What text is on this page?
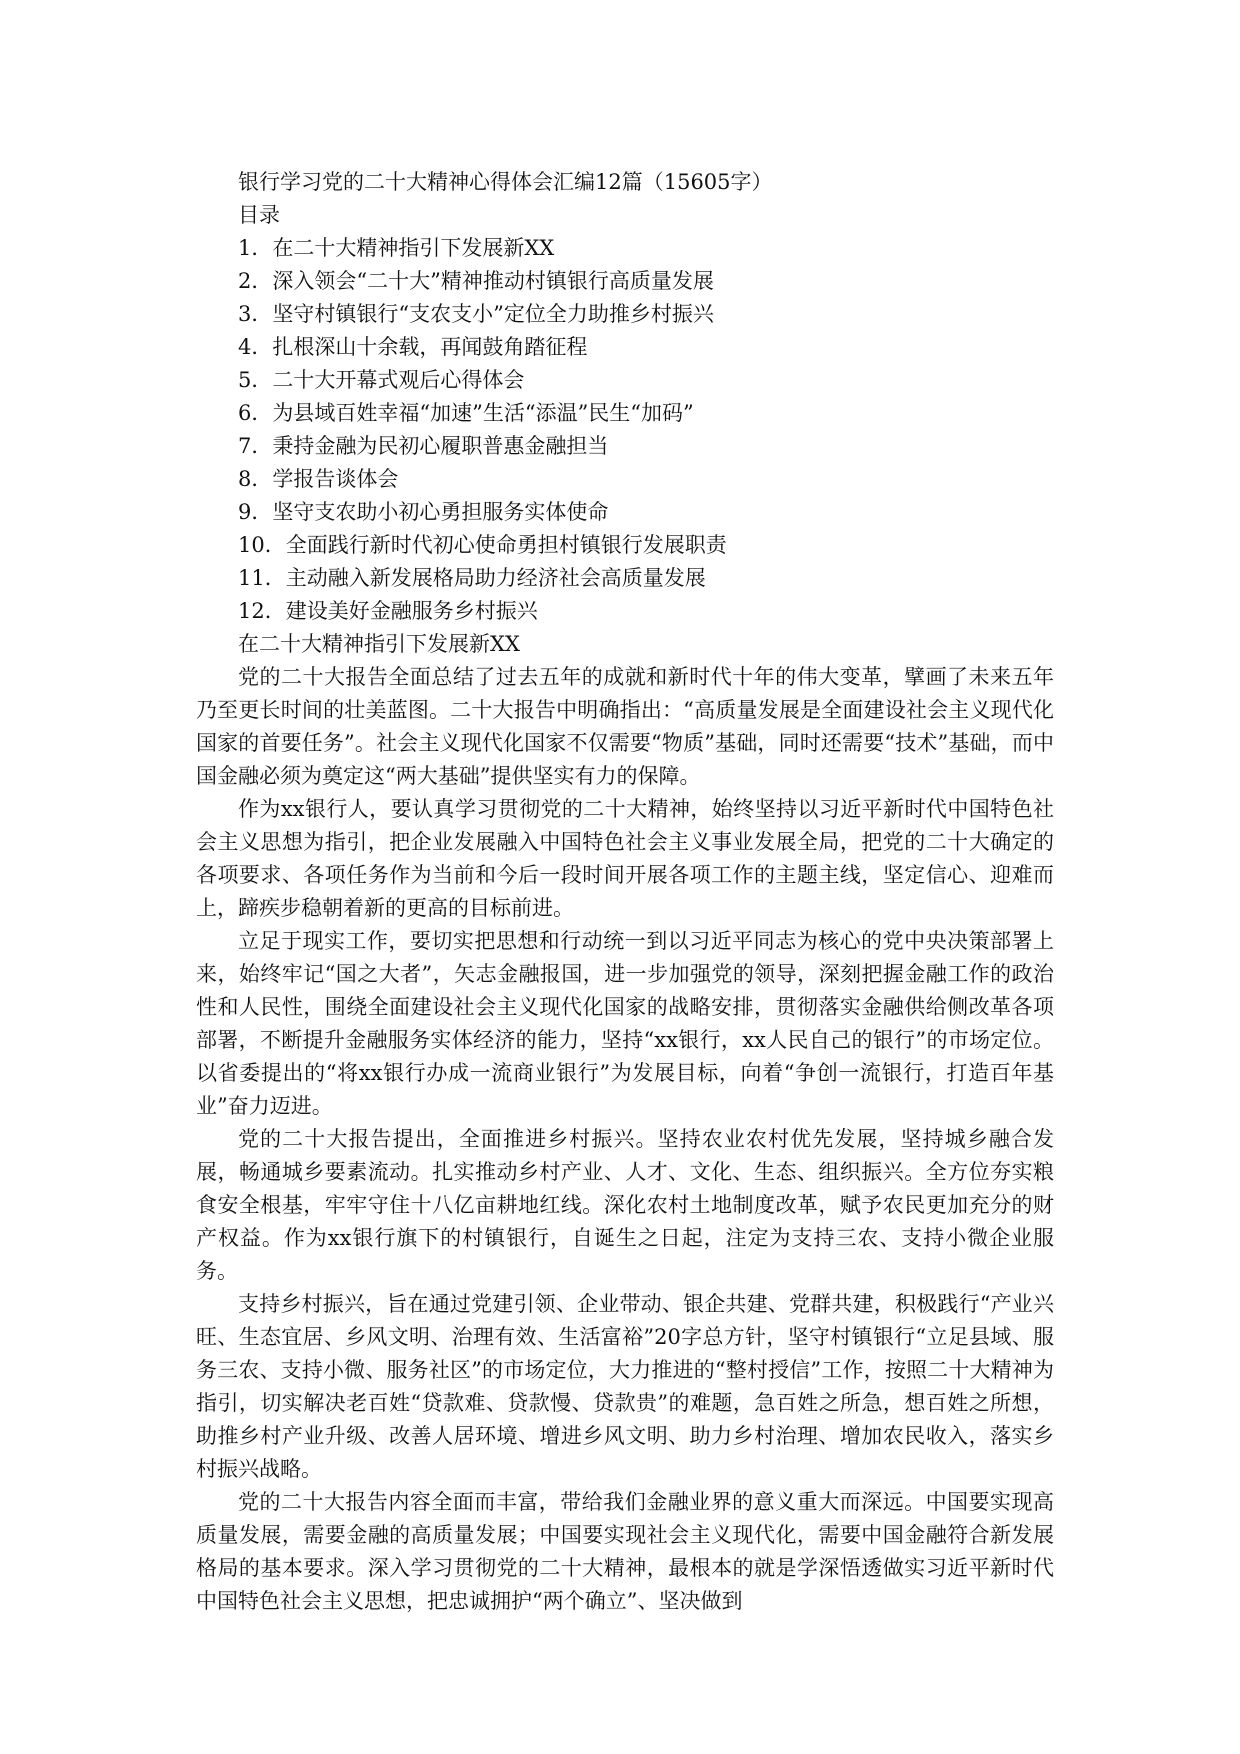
银行学习党的二十大精神心得体会汇编12篇（15605字）
目录
1．在二十大精神指引下发展新XX
2．深入领会“二十大”精神推动村镇银行高质量发展
3．坚守村镇银行“支农支小”定位全力助推乡村振兴
4．扎根深山十余载，再闻鼓角踏征程
5．二十大开幕式观后心得体会
6．为县域百姓幸福“加速”生活“添温”民生“加码”
7．秉持金融为民初心履职普惠金融担当
8．学报告谈体会
9．坚守支农助小初心勇担服务实体使命
10．全面践行新时代初心使命勇担村镇银行发展职责
11．主动融入新发展格局助力经济社会高质量发展
12．建设美好金融服务乡村振兴
在二十大精神指引下发展新XX

党的二十大报告全面总结了过去五年的成就和新时代十年的伟大变革，擘画了未来五年乃至更长时间的壮美蓝图。二十大报告中明确指出：“高质量发展是全面建设社会主义现代化国家的首要任务”。社会主义现代化国家不仅需要“物质”基础，同时还需要“技术”基础，而中国金融必须为奠定这“两大基础”提供坚实有力的保障。

作为xx银行人，要认真学习贯彻党的二十大精神，始终坚持以习近平新时代中国特色社会主义思想为指引，把企业发展融入中国特色社会主义事业发展全局，把党的二十大确定的各项要求、各项任务作为当前和今后一段时间开展各项工作的主题主线，坚定信心、迎难而上，蹄疾步稳朝着新的更高的目标前进。

立足于现实工作，要切实把思想和行动统一到以习近平同志为核心的党中央决策部署上来，始终牢记“国之大者”，矢志金融报国，进一步加强党的领导，深刻把握金融工作的政治性和人民性，围绕全面建设社会主义现代化国家的战略安排，贯彻落实金融供给侧改革各项部署，不断提升金融服务实体经济的能力，坚持“xx银行，xx人民自己的银行”的市场定位。以省委提出的“将xx银行办成一流商业银行”为发展目标，向着“争创一流银行，打造百年基业”奋力迈进。

党的二十大报告提出，全面推进乡村振兴。坚持农业农村优先发展，坚持城乡融合发展，畅通城乡要素流动。扎实推动乡村产业、人才、文化、生态、组织振兴。全方位夯实粮食安全根基，牢牢守住十八亿亩耕地红线。深化农村土地制度改革，赋予农民更加充分的财产权益。作为xx银行旗下的村镇银行，自诞生之日起，注定为支持三农、支持小微企业服务。

支持乡村振兴，旨在通过党建引领、企业带动、银企共建、党群共建，积极践行“产业兴旺、生态宜居、乡风文明、治理有效、生活富裕”20字总方针，坚守村镇银行“立足县域、服务三农、支持小微、服务社区”的市场定位，大力推进的“整村授信”工作，按照二十大精神为指引，切实解决老百姓“贷款难、贷款慢、贷款贵”的难题，急百姓之所急，想百姓之所想，助推乡村产业升级、改善人居环境、增进乡风文明、助力乡村治理、增加农民收入，落实乡村振兴战略。

党的二十大报告内容全面而丰富，带给我们金融业界的意义重大而深远。中国要实现高质量发展，需要金融的高质量发展；中国要实现社会主义现代化，需要中国金融符合新发展格局的基本要求。深入学习贯彻党的二十大精神，最根本的就是学深悟透做实习近平新时代中国特色社会主义思想，把忠诚拥护“两个确立”、坚决做到
